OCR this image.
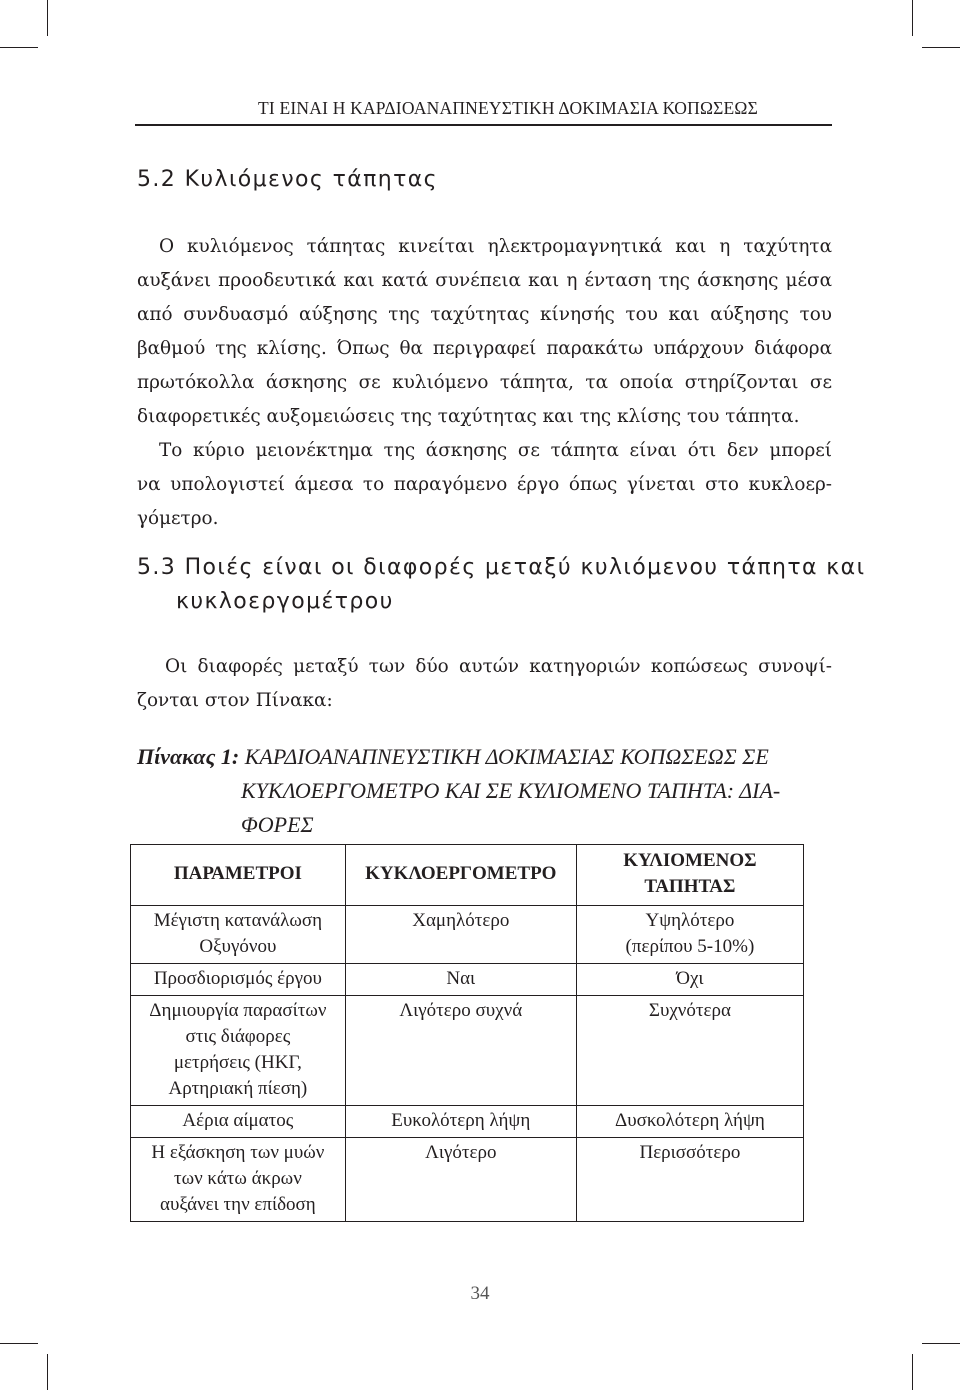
ΤΙ ΕΙΝΑΙ Η ΚΑΡΔΙΟΑΝΑΠΝΕΥΣΤΙΚΗ ΔΟΚΙΜΑΣΙΑ ΚΟΠΩΣΕΩΣ
5.2 Κυλιόμενος τάπητας
Ο κυλιόμενος τάπητας κινείται ηλεκτρομαγνητικά και η ταχύτητα
αυξάνει προοδευτικά και κατά συνέπεια και η ένταση της άσκησης μέσα
από συνδυασμό αύξησης της ταχύτητας κίνησής του και αύξησης του
βαθμού της κλίσης. Όπως θα περιγραφεί παρακάτω υπάρχουν διάφορα
πρωτόκολλα άσκησης σε κυλιόμενο τάπητα, τα οποία στηρίζονται σε
διαφορετικές αυξομειώσεις της ταχύτητας και της κλίσης του τάπητα.
Το κύριο μειονέκτημα της άσκησης σε τάπητα είναι ότι δεν μπορεί
να υπολογιστεί άμεσα το παραγόμενο έργο όπως γίνεται στο κυκλοερ-
γόμετρο.
5.3 Ποιές είναι οι διαφορές μεταξύ κυλιόμενου τάπητα και
κυκλοεργομέτρου
Οι διαφορές μεταξύ των δύο αυτών κατηγοριών κοπώσεως συνοψί-
ζονται στον Πίνακα:
Πίνακας 1: ΚΑΡΔΙΟΑΝΑΠΝΕΥΣΤΙΚΗ ΔΟΚΙΜΑΣΙΑΣ ΚΟΠΩΣΕΩΣ ΣΕ
ΚΥΚΛΟΕΡΓΟΜΕΤΡΟ ΚΑΙ ΣΕ ΚΥΛΙΟΜΕΝΟ ΤΑΠΗΤΑ: ΔΙΑ-
ΦΟΡΕΣ
ΠΑΡΑΜΕΤΡΟΙ	ΚΥΚΛΟΕΡΓΟΜΕΤΡΟ	ΚΥΛΙΟΜΕΝΟΣ
ΤΑΠΗΤΑΣ
Μέγιστη κατανάλωση
Οξυγόνου	Χαμηλότερο	Υψηλότερο
(περίπου 5-10%)
Προσδιορισμός έργου	Ναι	Όχι
Δημιουργία παρασίτων
στις διάφορες
μετρήσεις (ΗΚΓ,
Αρτηριακή πίεση)	Λιγότερο συχνά	Συχνότερα
Αέρια αίματος	Ευκολότερη λήψη	Δυσκολότερη λήψη
Η εξάσκηση των μυών
των κάτω άκρων
αυξάνει την επίδοση	Λιγότερο	Περισσότερο
34
